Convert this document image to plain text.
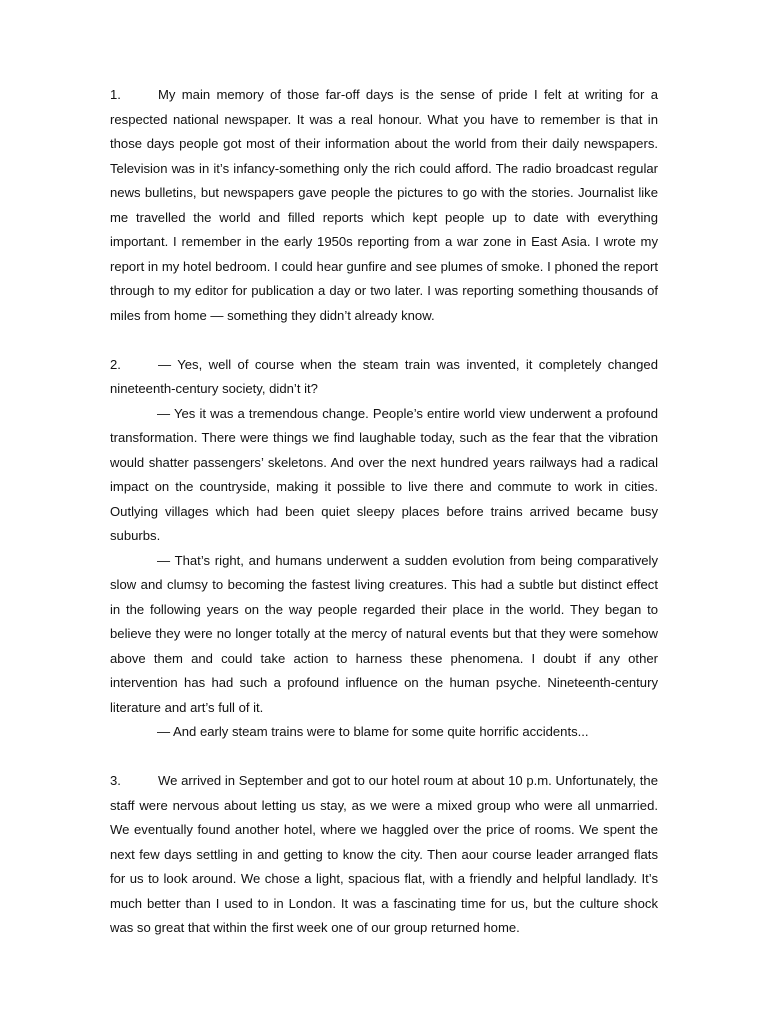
1.	My main memory of those far-off days is the sense of pride I felt at writing for a respected national newspaper. It was a real honour. What you have to remember is that in those days people got most of their information about the world from their daily newspapers. Television was in it’s infancy-something only the rich could afford. The radio broadcast regular news bulletins, but newspapers gave people the pictures to go with the stories. Journalist like me travelled the world and filled reports which kept people up to date with everything important. I remember in the early 1950s reporting from a war zone in East Asia. I wrote my report in my hotel bedroom. I could hear gunfire and see plumes of smoke. I phoned the report through to my editor for publication a day or two later. I was reporting something thousands of miles from home — something they didn’t already know.

2.	— Yes, well of course when the steam train was invented, it completely changed nineteenth-century society, didn’t it?

— Yes it was a tremendous change. People’s entire world view underwent a profound transformation. There were things we find laughable today, such as the fear that the vibration would shatter passengers’ skeletons. And over the next hundred years railways had a radical impact on the countryside, making it possible to live there and commute to work in cities. Outlying villages which had been quiet sleepy places before trains arrived became busy suburbs.

— That’s right, and humans underwent a sudden evolution from being comparatively slow and clumsy to becoming the fastest living creatures. This had a subtle but distinct effect in the following years on the way people regarded their place in the world. They began to believe they were no longer totally at the mercy of natural events but that they were somehow above them and could take action to harness these phenomena. I doubt if any other intervention has had such a profound influence on the human psyche. Nineteenth-century literature and art’s full of it.

— And early steam trains were to blame for some quite horrific accidents...

3.	We arrived in September and got to our hotel roum at about 10 p.m. Unfortunately, the staff were nervous about letting us stay, as we were a mixed group who were all unmarried. We eventually found another hotel, where we haggled over the price of rooms. We spent the next few days settling in and getting to know the city. Then aour course leader arranged flats for us to look around. We chose a light, spacious flat, with a friendly and helpful landlady. It’s much better than I used to in London. It was a fascinating time for us, but the culture shock was so great that within the first week one of our group returned home.
